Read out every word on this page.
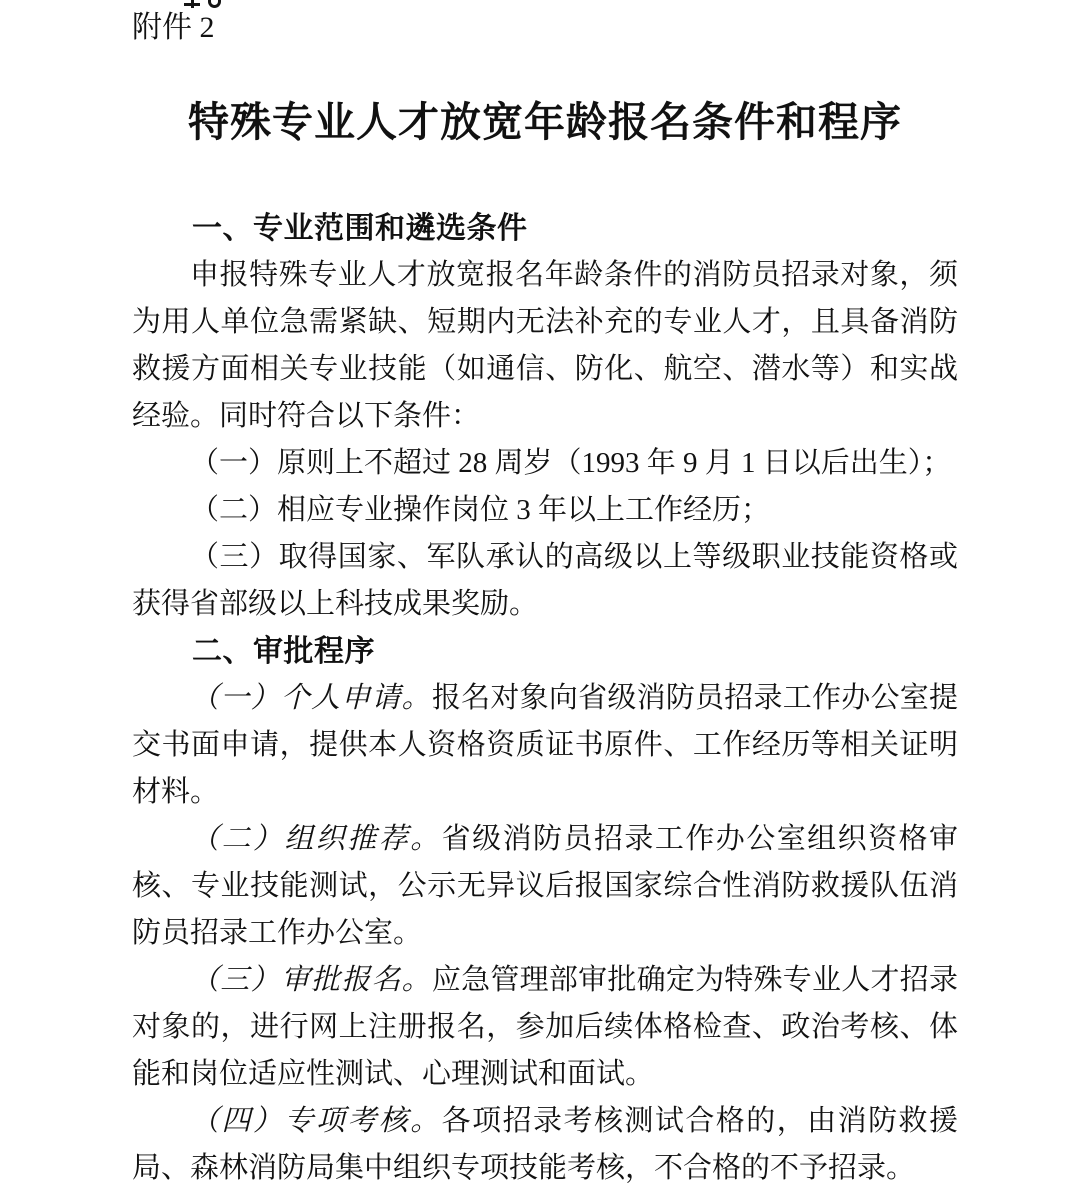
附件 2
特殊专业人才放宽年龄报名条件和程序
一、专业范围和遴选条件

申报特殊专业人才放宽报名年龄条件的消防员招录对象，须为用人单位急需紧缺、短期内无法补充的专业人才，且具备消防救援方面相关专业技能（如通信、防化、航空、潜水等）和实战经验。同时符合以下条件：

（一）原则上不超过 28 周岁（1993 年 9 月 1 日以后出生）；

（二）相应专业操作岗位 3 年以上工作经历；

（三）取得国家、军队承认的高级以上等级职业技能资格或获得省部级以上科技成果奖励。

二、审批程序

（一）个人申请。报名对象向省级消防员招录工作办公室提交书面申请，提供本人资格资质证书原件、工作经历等相关证明材料。

（二）组织推荐。省级消防员招录工作办公室组织资格审核、专业技能测试，公示无异议后报国家综合性消防救援队伍消防员招录工作办公室。

（三）审批报名。应急管理部审批确定为特殊专业人才招录对象的，进行网上注册报名，参加后续体格检查、政治考核、体能和岗位适应性测试、心理测试和面试。

（四）专项考核。各项招录考核测试合格的，由消防救援局、森林消防局集中组织专项技能考核，不合格的不予招录。
